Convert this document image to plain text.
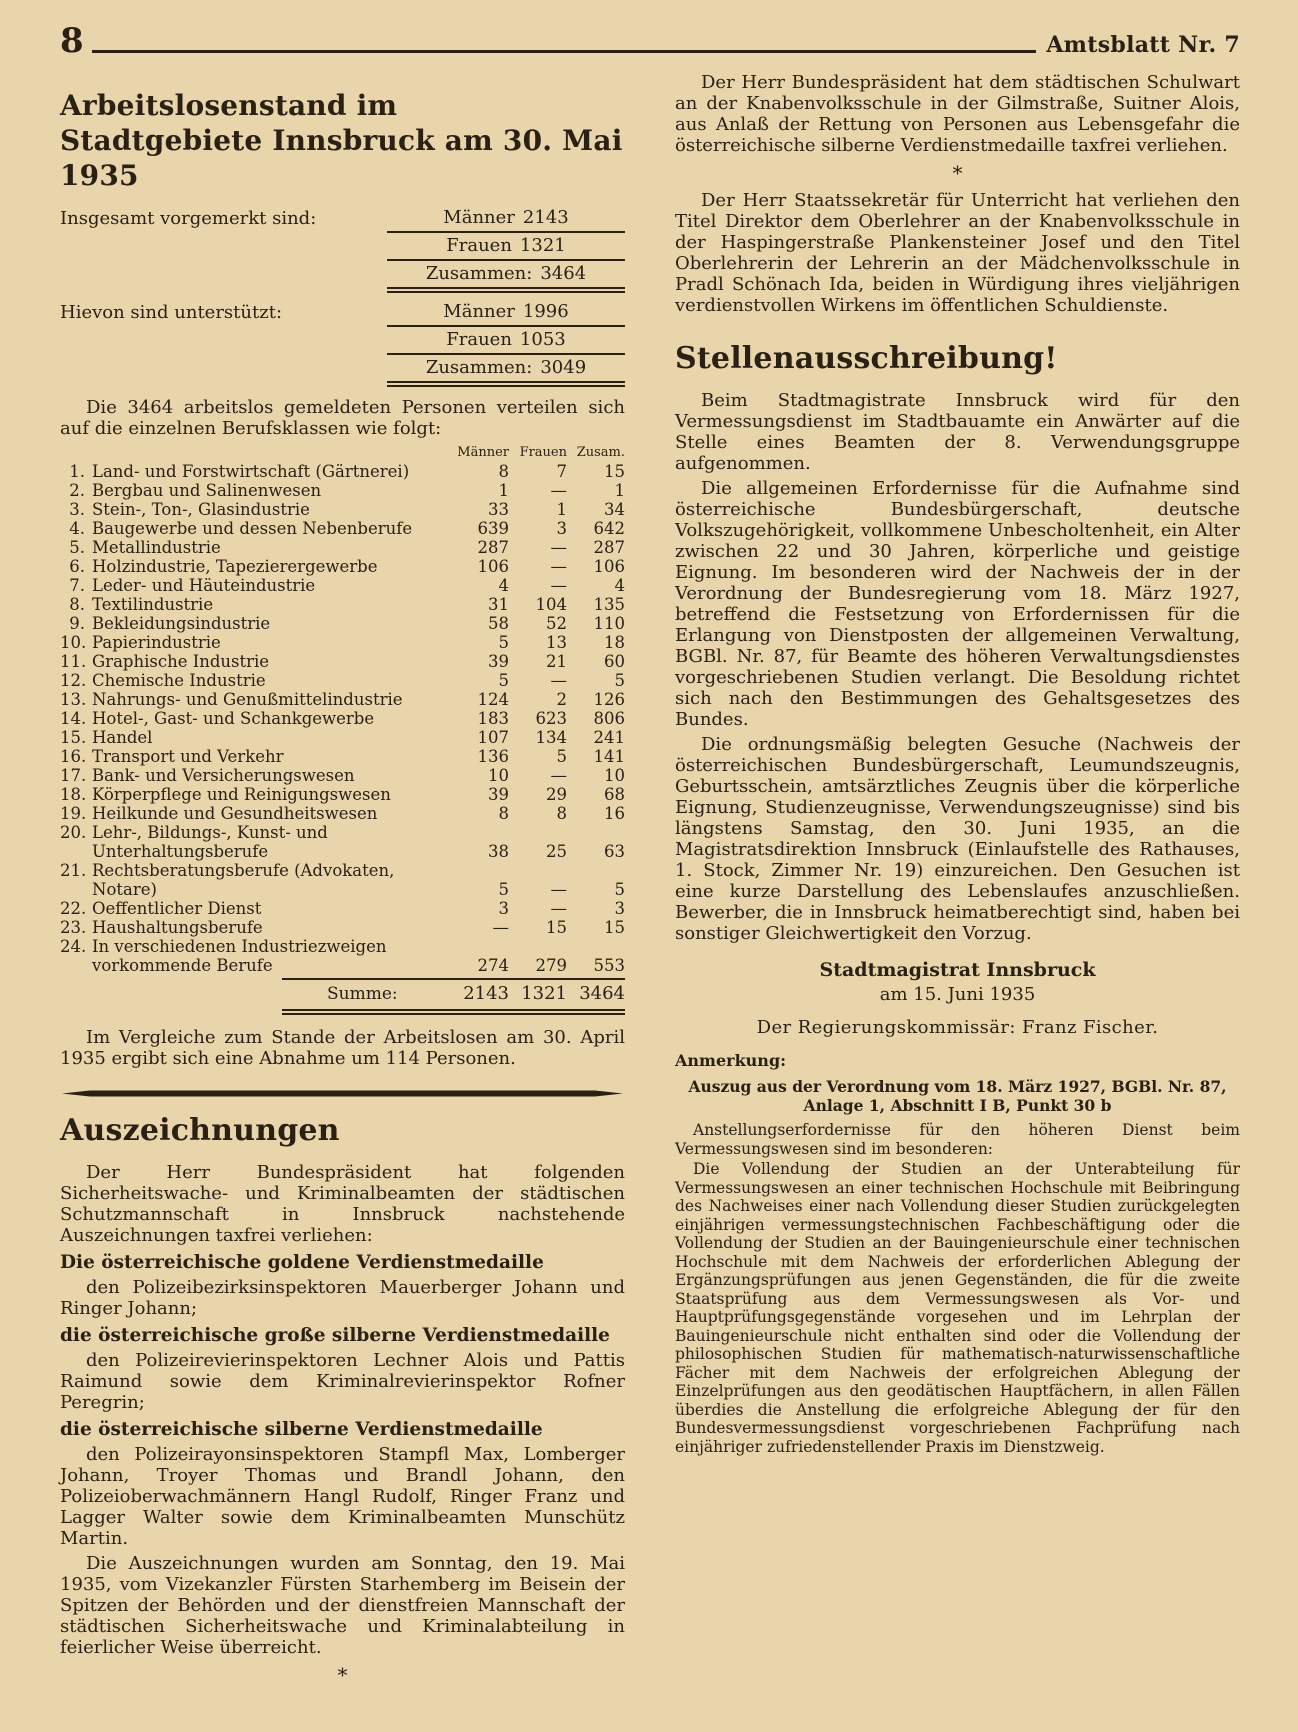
8	Amtsblatt Nr. 7
Arbeitslosenstand im
Stadtgebiete Innsbruck am 30. Mai 1935
Insgesamt vorgemerkt sind:	Männer 2143
Frauen 1321
Zusammen: 3464
Hievon sind unterstützt:	Männer 1996
Frauen 1053
Zusammen: 3049

Die 3464 arbeitslos gemeldeten Personen verteilen sich auf die einzelnen Berufsklassen wie folgt:

Männer Frauen Zusam.
1. Land- und Forstwirtschaft (Gärtnerei)	8	7	15
2. Bergbau und Salinenwesen	1	—	1
3. Stein-, Ton-, Glasindustrie	33	1	34
4. Baugewerbe und dessen Nebenberufe	639	3	642
5. Metallindustrie	287	—	287
6. Holzindustrie, Tapezierergewerbe	106	—	106
7. Leder- und Häuteindustrie	4	—	4
8. Textilindustrie	31	104	135
9. Bekleidungsindustrie	58	52	110
10. Papierindustrie	5	13	18
11. Graphische Industrie	39	21	60
12. Chemische Industrie	5	—	5
13. Nahrungs- und Genußmittelindustrie	124	2	126
14. Hotel-, Gast- und Schankgewerbe	183	623	806
15. Handel	107	134	241
16. Transport und Verkehr	136	5	141
17. Bank- und Versicherungswesen	10	—	10
18. Körperpflege und Reinigungswesen	39	29	68
19. Heilkunde und Gesundheitswesen	8	8	16
20. Lehr-, Bildungs-, Kunst- und Unterhaltungsberufe	38	25	63
21. Rechtsberatungsberufe (Advokaten, Notare)	5	—	5
22. Oeffentlicher Dienst	3	—	3
23. Haushaltungsberufe	—	15	15
24. In verschiedenen Industriezweigen vorkommende Berufe	274	279	553
Summe:	2143 1321 3464

Im Vergleiche zum Stande der Arbeitslosen am 30. April 1935 ergibt sich eine Abnahme um 114 Personen.

Auszeichnungen

Der Herr Bundespräsident hat folgenden Sicherheitswache- und Kriminalbeamten der städtischen Schutzmannschaft in Innsbruck nachstehende Auszeichnungen taxfrei verliehen:

Die österreichische goldene Verdienstmedaille

den Polizeibezirksinspektoren Mauerberger Johann und Ringer Johann;

die österreichische große silberne Verdienstmedaille

den Polizeirevierinspektoren Lechner Alois und Pattis Raimund sowie dem Kriminalrevierinspektor Rofner Peregrin;

die österreichische silberne Verdienstmedaille

den Polizeirayonsinspektoren Stampfl Max, Lomberger Johann, Troyer Thomas und Brandl Johann, den Polizeioberwachmännern Hangl Rudolf, Ringer Franz und Lagger Walter sowie dem Kriminalbeamten Munschütz Martin.

Die Auszeichnungen wurden am Sonntag, den 19. Mai 1935, vom Vizekanzler Fürsten Starhemberg im Beisein der Spitzen der Behörden und der dienstfreien Mannschaft der städtischen Sicherheitswache und Kriminalabteilung in feierlicher Weise überreicht.

*

Der Herr Bundespräsident hat dem städtischen Schulwart an der Knabenvolksschule in der Gilmstraße, Suitner Alois, aus Anlaß der Rettung von Personen aus Lebensgefahr die österreichische silberne Verdienstmedaille taxfrei verliehen.

*

Der Herr Staatssekretär für Unterricht hat verliehen den Titel Direktor dem Oberlehrer an der Knabenvolksschule in der Haspingerstraße Plankensteiner Josef und den Titel Oberlehrerin der Lehrerin an der Mädchenvolksschule in Pradl Schönach Ida, beiden in Würdigung ihres vieljährigen verdienstvollen Wirkens im öffentlichen Schuldienste.

Stellenausschreibung!

Beim Stadtmagistrate Innsbruck wird für den Vermessungsdienst im Stadtbauamte ein Anwärter auf die Stelle eines Beamten der 8. Verwendungsgruppe aufgenommen.

Die allgemeinen Erfordernisse für die Aufnahme sind österreichische Bundesbürgerschaft, deutsche Volkszugehörigkeit, vollkommene Unbescholtenheit, ein Alter zwischen 22 und 30 Jahren, körperliche und geistige Eignung. Im besonderen wird der Nachweis der in der Verordnung der Bundesregierung vom 18. März 1927, betreffend die Festsetzung von Erfordernissen für die Erlangung von Dienstposten der allgemeinen Verwaltung, BGBl. Nr. 87, für Beamte des höheren Verwaltungsdienstes vorgeschriebenen Studien verlangt. Die Besoldung richtet sich nach den Bestimmungen des Gehaltsgesetzes des Bundes.

Die ordnungsmäßig belegten Gesuche (Nachweis der österreichischen Bundesbürgerschaft, Leumundszeugnis, Geburtsschein, amtsärztliches Zeugnis über die körperliche Eignung, Studienzeugnisse, Verwendungszeugnisse) sind bis längstens Samstag, den 30. Juni 1935, an die Magistratsdirektion Innsbruck (Einlaufstelle des Rathauses, 1. Stock, Zimmer Nr. 19) einzureichen. Den Gesuchen ist eine kurze Darstellung des Lebenslaufes anzuschließen. Bewerber, die in Innsbruck heimatberechtigt sind, haben bei sonstiger Gleichwertigkeit den Vorzug.

Stadtmagistrat Innsbruck
am 15. Juni 1935
Der Regierungskommissär: Franz Fischer.
Anmerkung:
Auszug aus der Verordnung vom 18. März 1927, BGBl. Nr. 87, Anlage 1, Abschnitt I B, Punkt 30 b

Anstellungserfordernisse für den höheren Dienst beim Vermessungswesen sind im besonderen:

Die Vollendung der Studien an der Unterabteilung für Vermessungswesen an einer technischen Hochschule mit Beibringung des Nachweises einer nach Vollendung dieser Studien zurückgelegten einjährigen vermessungstechnischen Fachbeschäftigung oder die Vollendung der Studien an der Bauingenieurschule einer technischen Hochschule mit dem Nachweis der erforderlichen Ablegung der Ergänzungsprüfungen aus jenen Gegenständen, die für die zweite Staatsprüfung aus dem Vermessungswesen als Vor- und Hauptprüfungsgegenstände vorgesehen und im Lehrplan der Bauingenieurschule nicht enthalten sind oder die Vollendung der philosophischen Studien für mathematisch-naturwissenschaftliche Fächer mit dem Nachweis der erfolgreichen Ablegung der Einzelprüfungen aus den geodätischen Hauptfächern, in allen Fällen überdies die Anstellung die erfolgreiche Ablegung der für den Bundesvermessungsdienst vorgeschriebenen Fachprüfung nach einjähriger zufriedenstellender Praxis im Dienstzweig.
